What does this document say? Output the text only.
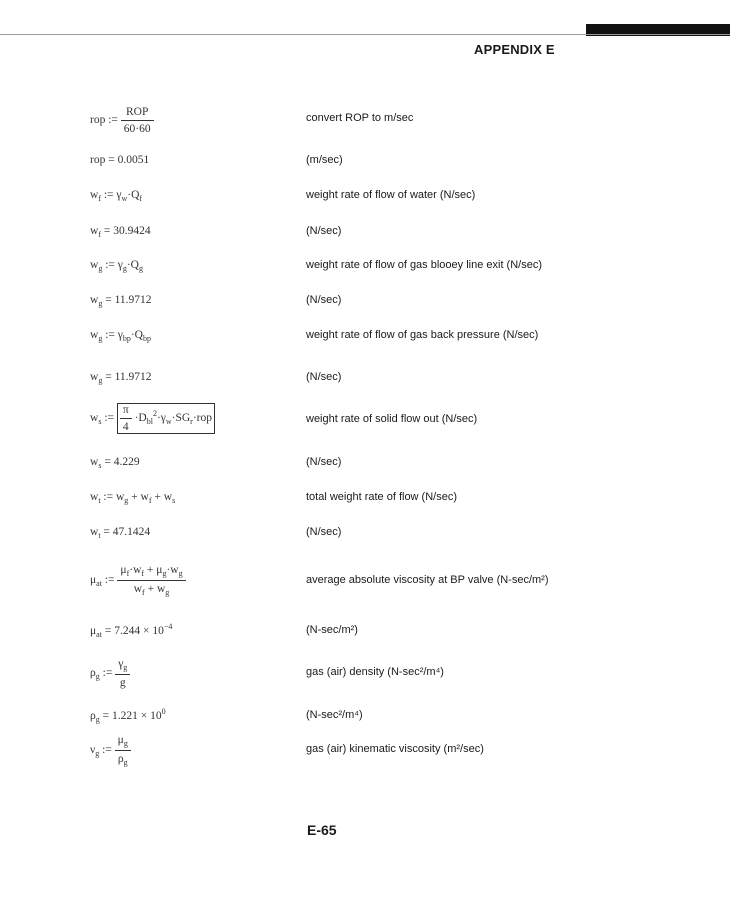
APPENDIX E
rop := $\frac{\text{ROP}}{60\cdot 60}$	convert ROP to m/sec
rop = 0.0051	(m/sec)
$w_f$ := $\gamma_w\cdot Q_f$	weight rate of flow of water (N/sec)
$w_f = 30.9424$	(N/sec)
$w_g$ := $\gamma_g\cdot Q_g$	weight rate of flow of gas blooey line exit (N/sec)
$w_g = 11.9712$	(N/sec)
$w_g$ := $\gamma_{bp}\cdot Q_{bp}$	weight rate of flow of gas back pressure (N/sec)
$w_g = 11.9712$	(N/sec)
$w_s$ := $\frac{\pi}{4} \cdot D_{bl}^2\cdot\gamma_w\cdot SG_r\cdot rop$	weight rate of solid flow out (N/sec)
$w_s = 4.229$	(N/sec)
$w_t$ := $w_g + w_f + w_s$	total weight rate of flow (N/sec)
$w_t = 47.1424$	(N/sec)
$\mu_{at}$ := $\frac{\mu_f\cdot w_f + \mu_g\cdot w_g}{w_f + w_g}$	average absolute viscosity at BP valve (N-sec/m²)
$\mu_{at} = 7.244 \times 10^{-4}$	(N-sec/m²)
$\rho_g$ := $\frac{\gamma_g}{g}$	gas (air) density (N-sec²/m⁴)
$\rho_g = 1.221 \times 10^0$	(N-sec²/m⁴)
$\nu_g$ := $\frac{\mu_g}{\rho_g}$	gas (air) kinematic viscosity (m²/sec)
E-65
